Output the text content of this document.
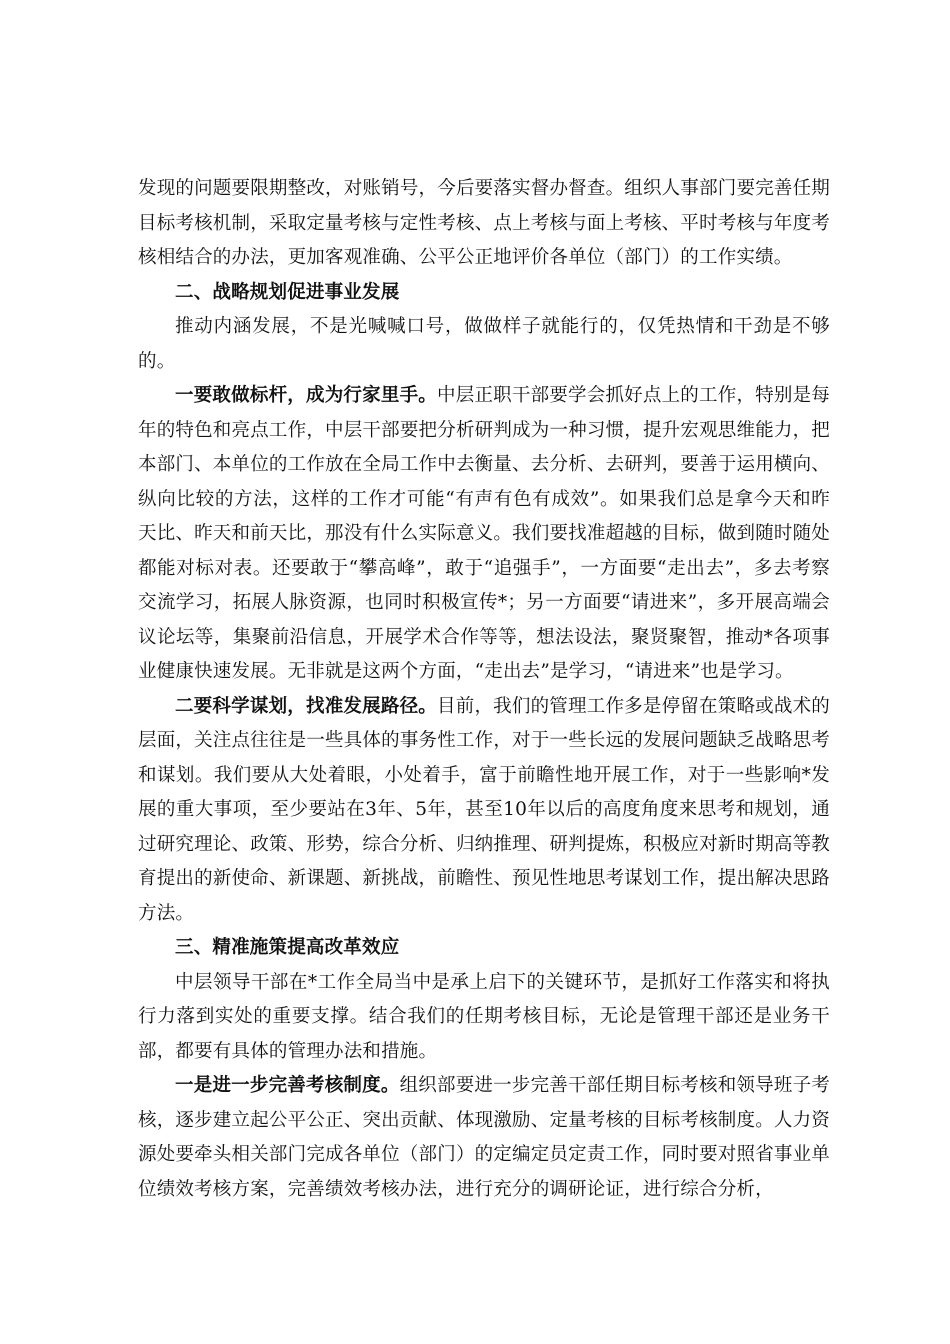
发现的问题要限期整改，对账销号，今后要落实督办督查。组织人事部门要完善任期目标考核机制，采取定量考核与定性考核、点上考核与面上考核、平时考核与年度考核相结合的办法，更加客观准确、公平公正地评价各单位（部门）的工作实绩。

二、战略规划促进事业发展

推动内涵发展，不是光喊喊口号，做做样子就能行的，仅凭热情和干劲是不够的。

一要敢做标杆，成为行家里手。中层正职干部要学会抓好点上的工作，特别是每年的特色和亮点工作，中层干部要把分析研判成为一种习惯，提升宏观思维能力，把本部门、本单位的工作放在全局工作中去衡量、去分析、去研判，要善于运用横向、纵向比较的方法，这样的工作才可能“有声有色有成效”。如果我们总是拿今天和昨天比、昨天和前天比，那没有什么实际意义。我们要找准超越的目标，做到随时随处都能对标对表。还要敢于“攀高峰”，敢于“追强手”，一方面要“走出去”，多去考察交流学习，拓展人脉资源，也同时积极宣传*；另一方面要“请进来”，多开展高端会议论坛等，集聚前沿信息，开展学术合作等等，想法设法，聚贤聚智，推动*各项事业健康快速发展。无非就是这两个方面，“走出去”是学习，“请进来”也是学习。

二要科学谋划，找准发展路径。目前，我们的管理工作多是停留在策略或战术的层面，关注点往往是一些具体的事务性工作，对于一些长远的发展问题缺乏战略思考和谋划。我们要从大处着眼，小处着手，富于前瞻性地开展工作，对于一些影响*发展的重大事项，至少要站在3年、5年，甚至10年以后的高度角度来思考和规划，通过研究理论、政策、形势，综合分析、归纳推理、研判提炼，积极应对新时期高等教育提出的新使命、新课题、新挑战，前瞻性、预见性地思考谋划工作，提出解决思路方法。

三、精准施策提高改革效应

中层领导干部在*工作全局当中是承上启下的关键环节，是抓好工作落实和将执行力落到实处的重要支撑。结合我们的任期考核目标，无论是管理干部还是业务干部，都要有具体的管理办法和措施。

一是进一步完善考核制度。组织部要进一步完善干部任期目标考核和领导班子考核，逐步建立起公平公正、突出贡献、体现激励、定量考核的目标考核制度。人力资源处要牵头相关部门完成各单位（部门）的定编定员定责工作，同时要对照省事业单位绩效考核方案，完善绩效考核办法，进行充分的调研论证，进行综合分析，
